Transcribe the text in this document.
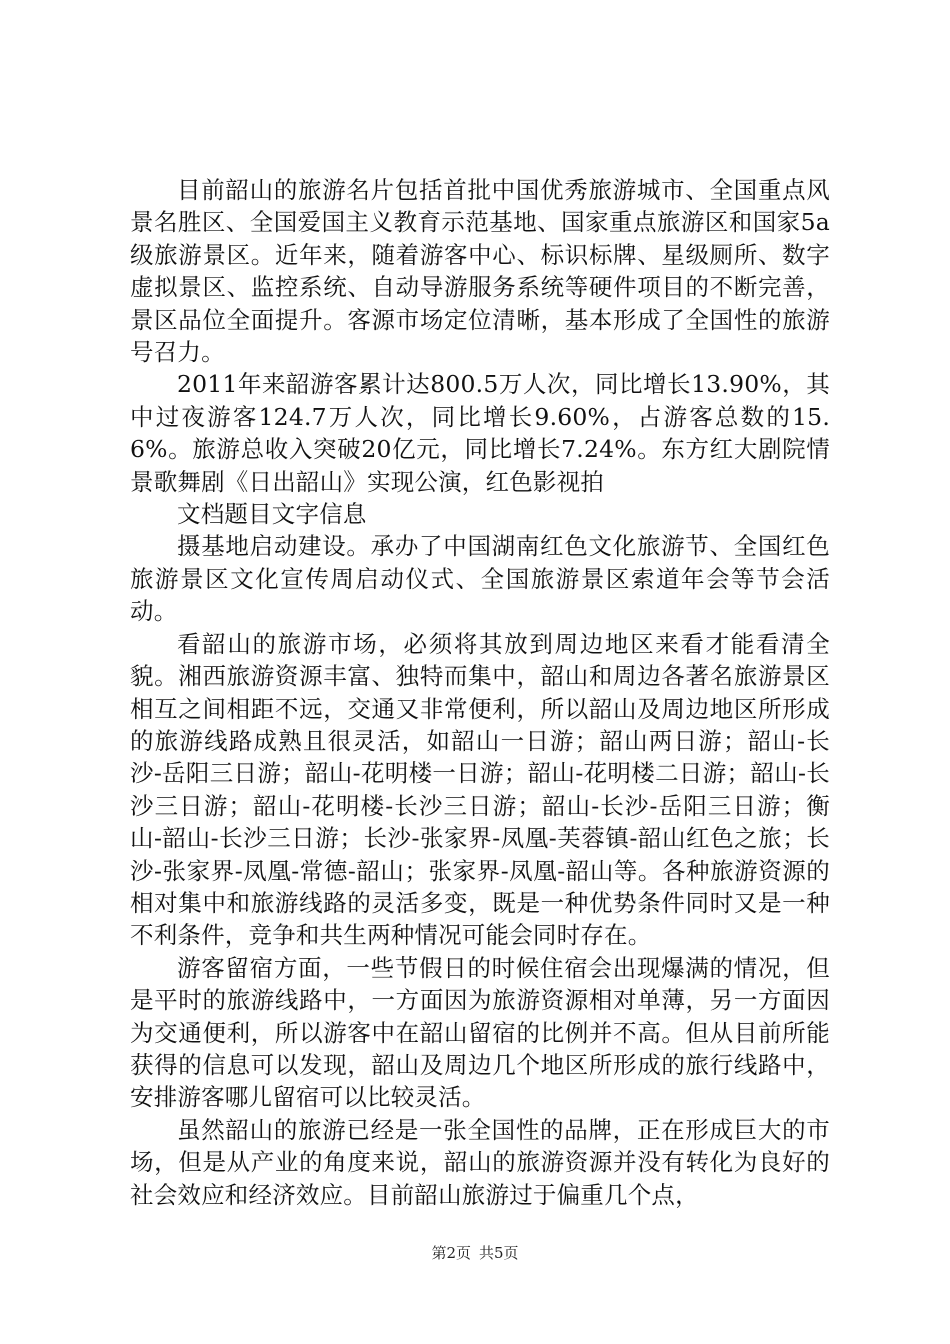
目前韶山的旅游名片包括首批中国优秀旅游城市、全国重点风景名胜区、全国爱国主义教育示范基地、国家重点旅游区和国家5a级旅游景区。近年来，随着游客中心、标识标牌、星级厕所、数字虚拟景区、监控系统、自动导游服务系统等硬件项目的不断完善，景区品位全面提升。客源市场定位清晰，基本形成了全国性的旅游号召力。

2011年来韶游客累计达800.5万人次，同比增长13.90%，其中过夜游客124.7万人次，同比增长9.60%，占游客总数的15.6%。旅游总收入突破20亿元，同比增长7.24%。东方红大剧院情景歌舞剧《日出韶山》实现公演，红色影视拍

文档题目文字信息

摄基地启动建设。承办了中国湖南红色文化旅游节、全国红色旅游景区文化宣传周启动仪式、全国旅游景区索道年会等节会活动。

看韶山的旅游市场，必须将其放到周边地区来看才能看清全貌。湘西旅游资源丰富、独特而集中，韶山和周边各著名旅游景区相互之间相距不远，交通又非常便利，所以韶山及周边地区所形成的旅游线路成熟且很灵活，如韶山一日游；韶山两日游；韶山-长沙-岳阳三日游；韶山-花明楼一日游；韶山-花明楼二日游；韶山-长沙三日游；韶山-花明楼-长沙三日游；韶山-长沙-岳阳三日游；衡山-韶山-长沙三日游；长沙-张家界-凤凰-芙蓉镇-韶山红色之旅；长沙-张家界-凤凰-常德-韶山；张家界-凤凰-韶山等。各种旅游资源的相对集中和旅游线路的灵活多变，既是一种优势条件同时又是一种不利条件，竞争和共生两种情况可能会同时存在。

游客留宿方面，一些节假日的时候住宿会出现爆满的情况，但是平时的旅游线路中，一方面因为旅游资源相对单薄，另一方面因为交通便利，所以游客中在韶山留宿的比例并不高。但从目前所能获得的信息可以发现，韶山及周边几个地区所形成的旅行线路中，安排游客哪儿留宿可以比较灵活。

虽然韶山的旅游已经是一张全国性的品牌，正在形成巨大的市场，但是从产业的角度来说，韶山的旅游资源并没有转化为良好的社会效应和经济效应。目前韶山旅游过于偏重几个点，

第2页 共5页
